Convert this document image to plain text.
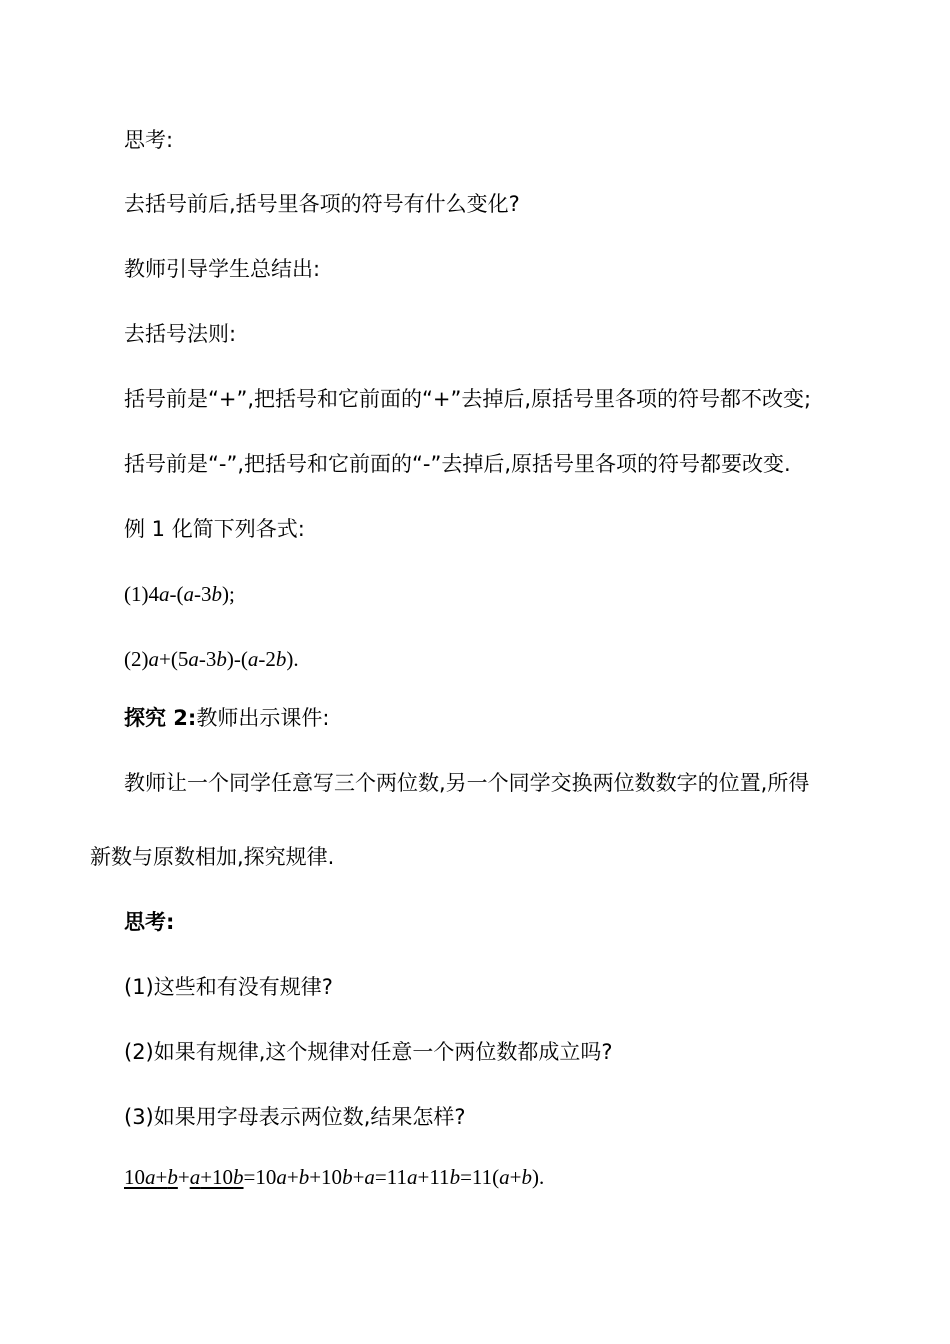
思考:
去括号前后,括号里各项的符号有什么变化?
教师引导学生总结出:
去括号法则:
括号前是“+”,把括号和它前面的“+”去掉后,原括号里各项的符号都不改变;
括号前是“-”,把括号和它前面的“-”去掉后,原括号里各项的符号都要改变.
例 1 化简下列各式:
(1)4a-(a-3b);
(2)a+(5a-3b)-(a-2b).
探究 2:教师出示课件:
教师让一个同学任意写三个两位数,另一个同学交换两位数数字的位置,所得
新数与原数相加,探究规律.
思考:
(1)这些和有没有规律?
(2)如果有规律,这个规律对任意一个两位数都成立吗?
(3)如果用字母表示两位数,结果怎样?
10a+b+a+10b=10a+b+10b+a=11a+11b=11(a+b).
